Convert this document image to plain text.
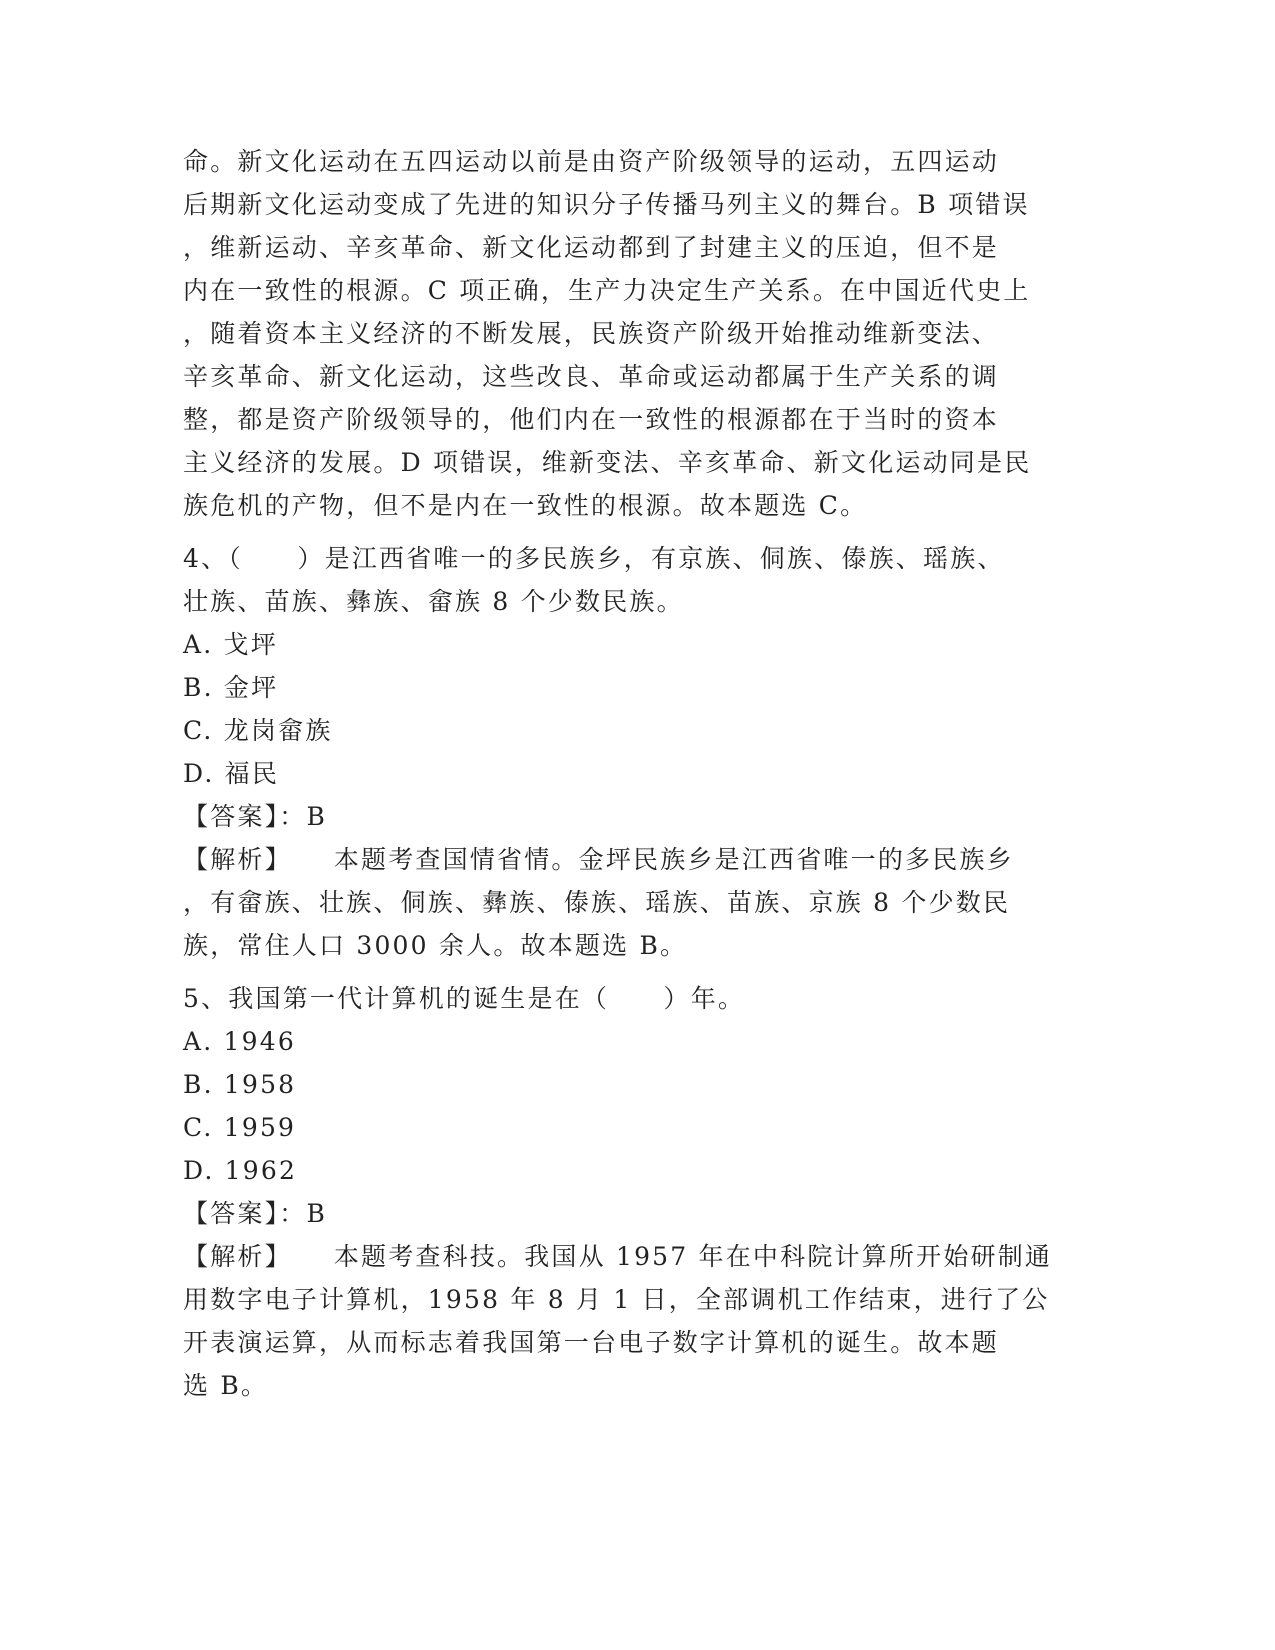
命。新文化运动在五四运动以前是由资产阶级领导的运动，五四运动
后期新文化运动变成了先进的知识分子传播马列主义的舞台。B 项错误
，维新运动、辛亥革命、新文化运动都到了封建主义的压迫，但不是
内在一致性的根源。C 项正确，生产力决定生产关系。在中国近代史上
，随着资本主义经济的不断发展，民族资产阶级开始推动维新变法、
辛亥革命、新文化运动，这些改良、革命或运动都属于生产关系的调
整，都是资产阶级领导的，他们内在一致性的根源都在于当时的资本
主义经济的发展。D 项错误，维新变法、辛亥革命、新文化运动同是民
族危机的产物，但不是内在一致性的根源。故本题选 C。
4、（　　）是江西省唯一的多民族乡，有京族、侗族、傣族、瑶族、
壮族、苗族、彝族、畲族 8 个少数民族。
A. 戈坪
B. 金坪
C. 龙岗畲族
D. 福民
【答案】：B
【解析】 本题考查国情省情。金坪民族乡是江西省唯一的多民族乡
，有畲族、壮族、侗族、彝族、傣族、瑶族、苗族、京族 8 个少数民
族，常住人口 3000 余人。故本题选 B。
5、我国第一代计算机的诞生是在（　　）年。
A. 1946
B. 1958
C. 1959
D. 1962
【答案】：B
【解析】 本题考查科技。我国从 1957 年在中科院计算所开始研制通
用数字电子计算机，1958 年 8 月 1 日，全部调机工作结束，进行了公
开表演运算，从而标志着我国第一台电子数字计算机的诞生。故本题
选 B。
